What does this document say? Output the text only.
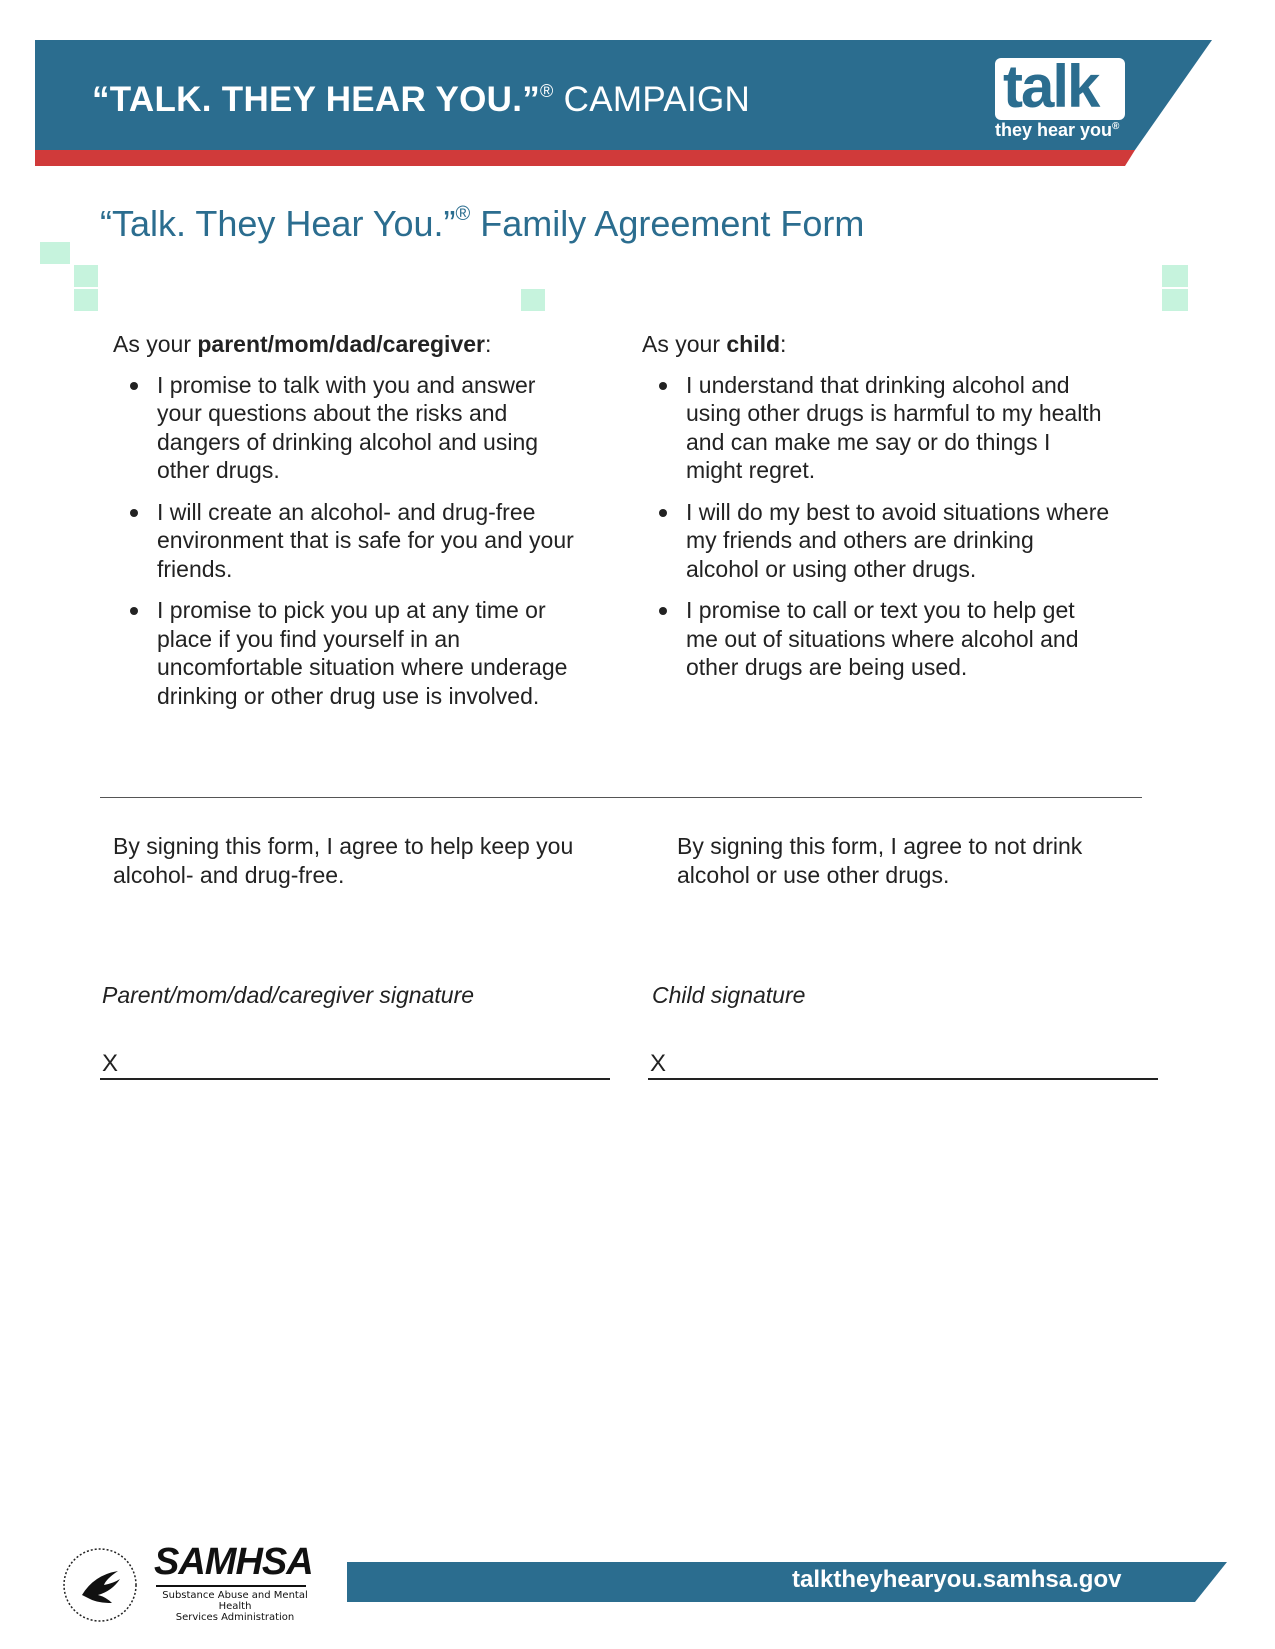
“TALK. THEY HEAR YOU.”® CAMPAIGN	talk
they hear you®
“Talk. They Hear You.”® Family Agreement Form

As your parent/mom/dad/caregiver:

I promise to talk with you and answer your questions about the risks and dangers of drinking alcohol and using other drugs.
I will create an alcohol- and drug-free environment that is safe for you and your friends.
I promise to pick you up at any time or place if you find yourself in an uncomfortable situation where underage drinking or other drug use is involved.

As your child:

I understand that drinking alcohol and using other drugs is harmful to my health and can make me say or do things I might regret.
I will do my best to avoid situations where my friends and others are drinking alcohol or using other drugs.
I promise to call or text you to help get me out of situations where alcohol and other drugs are being used.
By signing this form, I agree to help keep you alcohol- and drug-free.
By signing this form, I agree to not drink alcohol or use other drugs.
Parent/mom/dad/caregiver signature	Child signature
X	X
SAMHSA
Substance Abuse and Mental Health
Services Administration
talktheyhearyou.samhsa.gov
